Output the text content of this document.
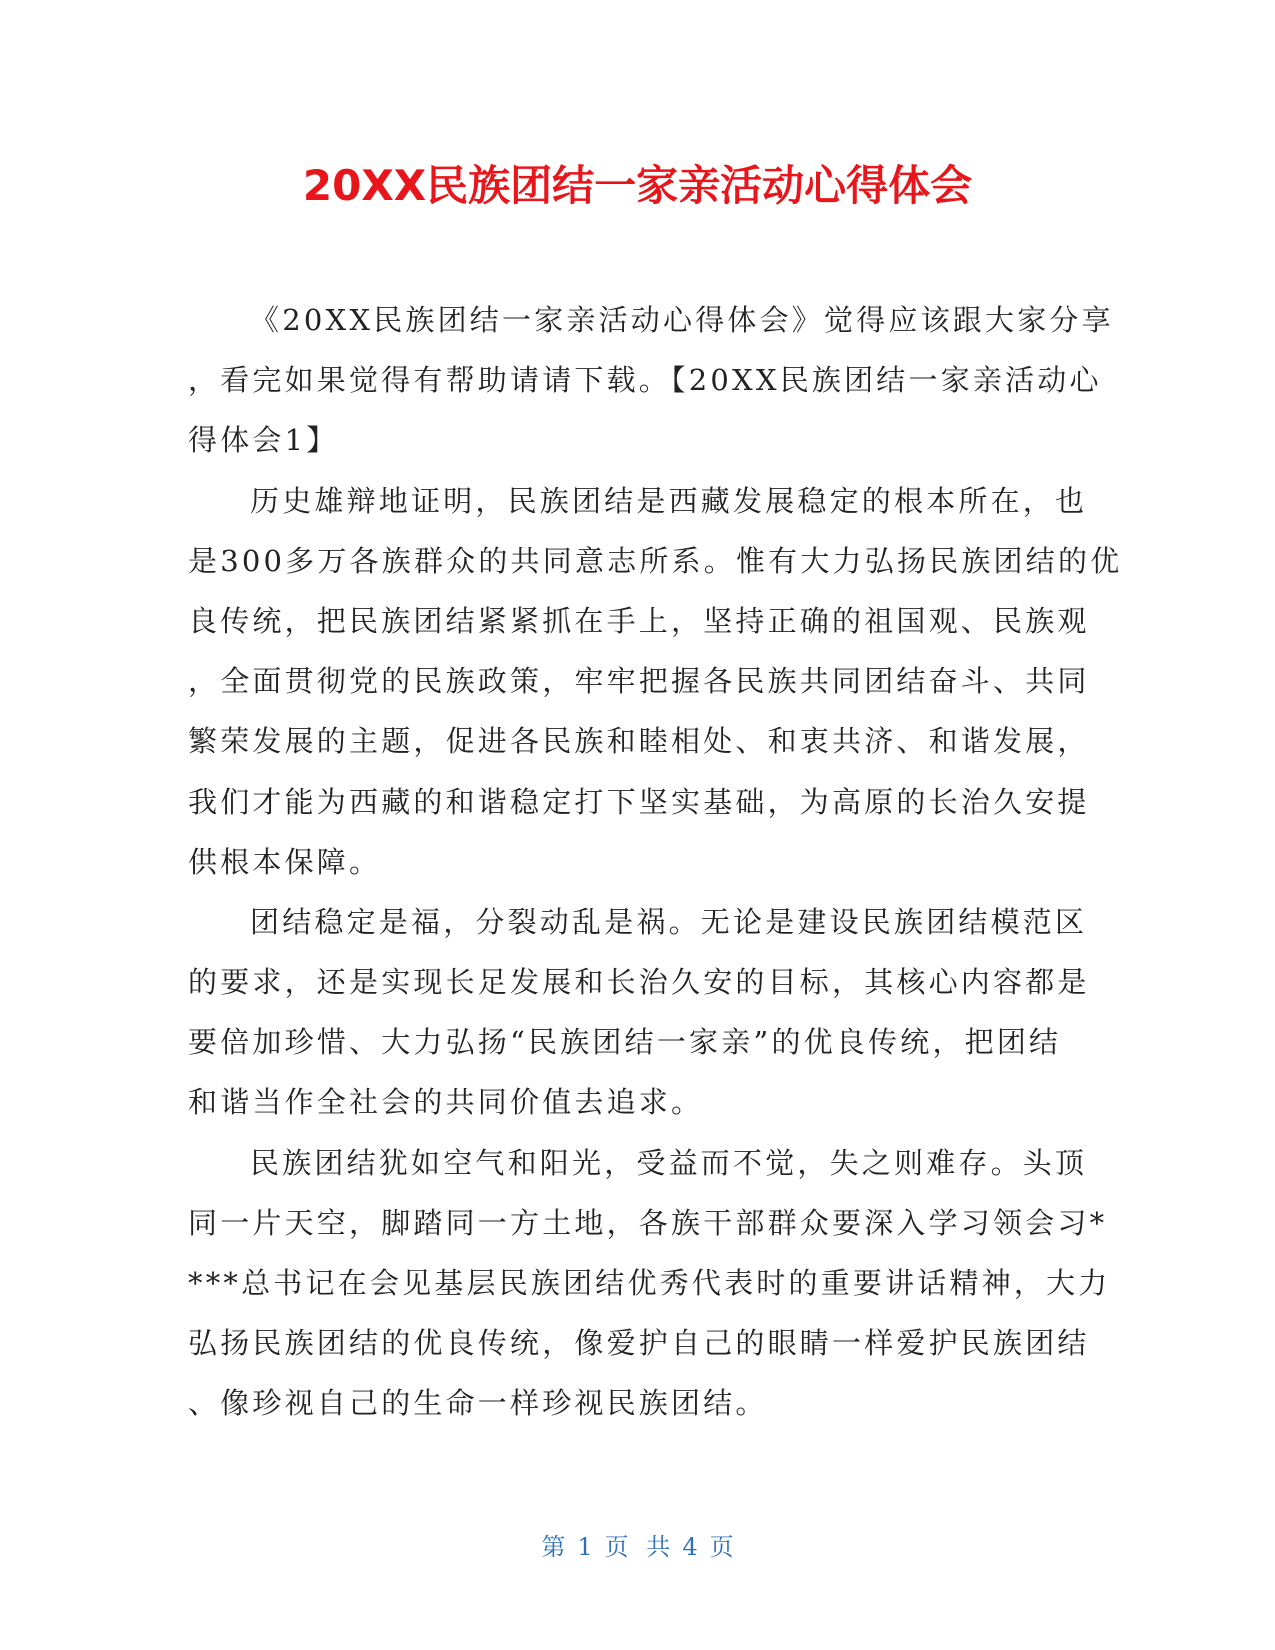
20XX民族团结一家亲活动心得体会
《20XX民族团结一家亲活动心得体会》觉得应该跟大家分享
，看完如果觉得有帮助请请下载。【20XX民族团结一家亲活动心
得体会1】
历史雄辩地证明，民族团结是西藏发展稳定的根本所在，也
是300多万各族群众的共同意志所系。惟有大力弘扬民族团结的优
良传统，把民族团结紧紧抓在手上，坚持正确的祖国观、民族观
，全面贯彻党的民族政策，牢牢把握各民族共同团结奋斗、共同
繁荣发展的主题，促进各民族和睦相处、和衷共济、和谐发展，
我们才能为西藏的和谐稳定打下坚实基础，为高原的长治久安提
供根本保障。
团结稳定是福，分裂动乱是祸。无论是建设民族团结模范区
的要求，还是实现长足发展和长治久安的目标，其核心内容都是
要倍加珍惜、大力弘扬“民族团结一家亲”的优良传统，把团结
和谐当作全社会的共同价值去追求。
民族团结犹如空气和阳光，受益而不觉，失之则难存。头顶
同一片天空，脚踏同一方土地，各族干部群众要深入学习领会习*
***总书记在会见基层民族团结优秀代表时的重要讲话精神，大力
弘扬民族团结的优良传统，像爱护自己的眼睛一样爱护民族团结
、像珍视自己的生命一样珍视民族团结。
第 1 页 共 4 页
